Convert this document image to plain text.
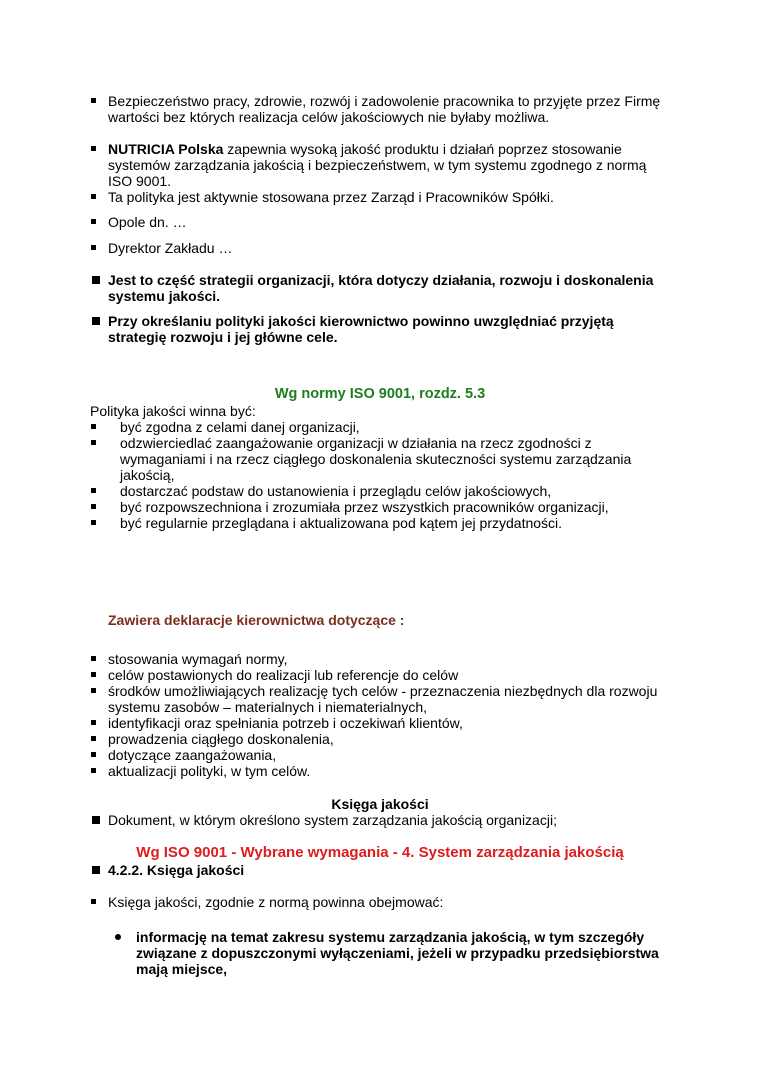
Bezpieczeństwo pracy, zdrowie, rozwój i zadowolenie pracownika to przyjęte przez Firmę wartości bez których realizacja celów jakościowych nie byłaby możliwa.
NUTRICIA Polska zapewnia wysoką jakość produktu i działań poprzez stosowanie systemów zarządzania jakością i bezpieczeństwem, w tym systemu zgodnego z normą ISO 9001.
Ta polityka jest aktywnie stosowana przez Zarząd i Pracowników Spółki.
Opole dn. …
Dyrektor Zakładu …
Jest to część strategii organizacji, która dotyczy działania, rozwoju i doskonalenia systemu jakości.
Przy określaniu polityki jakości kierownictwo powinno uwzględniać przyjętą strategię rozwoju i jej główne cele.
Wg normy ISO 9001, rozdz. 5.3
Polityka jakości winna być:
być zgodna z celami danej organizacji,
odzwierciedlać zaangażowanie organizacji w działania na rzecz zgodności z wymaganiami i na rzecz ciągłego doskonalenia skuteczności systemu zarządzania jakością,
dostarczać podstaw do ustanowienia i przeglądu celów jakościowych,
być rozpowszechniona i zrozumiała przez wszystkich pracowników organizacji,
być regularnie przeglądana i aktualizowana pod kątem jej przydatności.
Zawiera deklaracje kierownictwa dotyczące :
stosowania wymagań normy,
celów postawionych do realizacji lub referencje do celów
środków umożliwiających realizację tych celów - przeznaczenia niezbędnych dla rozwoju systemu zasobów – materialnych i niematerialnych,
identyfikacji oraz spełniania potrzeb i oczekiwań klientów,
prowadzenia ciągłego doskonalenia,
dotyczące zaangażowania,
aktualizacji polityki, w tym celów.
Księga jakości
Dokument, w którym określono system zarządzania jakością organizacji;
Wg ISO 9001 - Wybrane wymagania - 4. System zarządzania jakością
4.2.2. Księga jakości
Księga jakości, zgodnie z normą powinna obejmować:
informację na temat zakresu systemu zarządzania jakością, w tym szczegóły związane z dopuszczonymi wyłączeniami, jeżeli w przypadku przedsiębiorstwa mają miejsce,
